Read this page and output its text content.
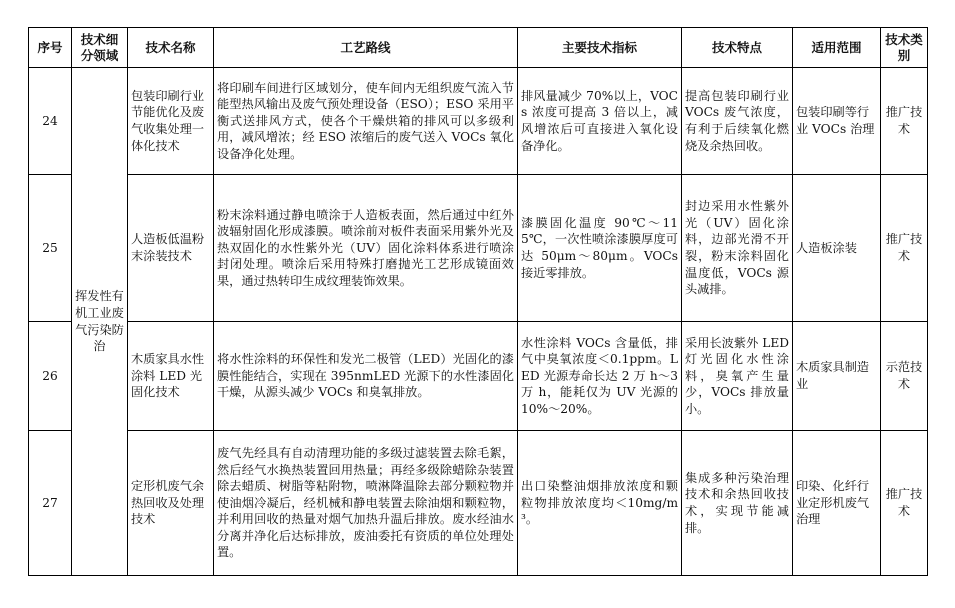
序号	技术细分领域	技术名称	工艺路线	主要技术指标	技术特点	适用范围	技术类别
24	挥发性有机工业废气污染防治	包装印刷行业节能优化及废气收集处理一体化技术	将印刷车间进行区域划分，使车间内无组织废气流入节能型热风输出及废气预处理设备（ESO）；ESO 采用平衡式送排风方式，使各个干燥烘箱的排风可以多级利用，减风增浓；经 ESO 浓缩后的废气送入 VOCs 氧化设备净化处理。	排风量减少 70%以上，VOCs 浓度可提高 3 倍以上，减风增浓后可直接进入氧化设备净化。	提高包装印刷行业 VOCs 废气浓度，有利于后续氧化燃烧及余热回收。	包装印刷等行业 VOCs 治理	推广技术
25		人造板低温粉末涂装技术	粉末涂料通过静电喷涂于人造板表面，然后通过中红外波辐射固化形成漆膜。喷涂前对板件表面采用紫外光及热双固化的水性紫外光（UV）固化涂料体系进行喷涂封闭处理。喷涂后采用特殊打磨抛光工艺形成镜面效果，通过热转印生成纹理装饰效果。	漆膜固化温度 90℃～115℃，一次性喷涂漆膜厚度可达 50μm～80μm。VOCs 接近零排放。	封边采用水性紫外光（UV）固化涂料，边部光滑不开裂，粉末涂料固化温度低，VOCs 源头减排。	人造板涂装	推广技术
26		木质家具水性涂料 LED 光固化技术	将水性涂料的环保性和发光二极管（LED）光固化的漆膜性能结合，实现在 395nmLED 光源下的水性漆固化干燥，从源头减少 VOCs 和臭氧排放。	水性涂料 VOCs 含量低，排气中臭氧浓度＜0.1ppm。LED 光源寿命长达 2 万 h～3 万 h，能耗仅为 UV 光源的 10%～20%。	采用长波紫外 LED 灯光固化水性涂料，臭氧产生量少，VOCs 排放量小。	木质家具制造业	示范技术
27		定形机废气余热回收及处理技术	废气先经具有自动清理功能的多级过滤装置去除毛絮，然后经气水换热装置回用热量；再经多级除蜡除杂装置除去蜡质、树脂等粘附物，喷淋降温除去部分颗粒物并使油烟冷凝后，经机械和静电装置去除油烟和颗粒物，并利用回收的热量对烟气加热升温后排放。废水经油水分离并净化后达标排放，废油委托有资质的单位处理处置。	出口染整油烟排放浓度和颗粒物排放浓度均＜10mg/m³。	集成多种污染治理技术和余热回收技术，实现节能减排。	印染、化纤行业定形机废气治理	推广技术
